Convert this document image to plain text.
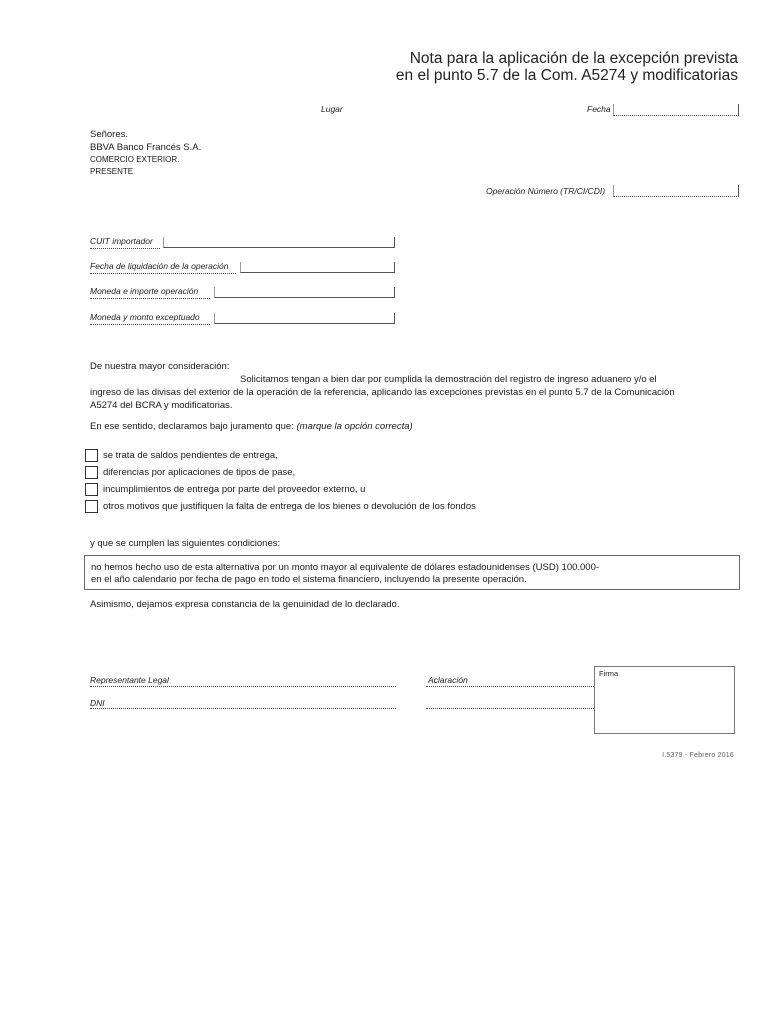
Nota para la aplicación de la excepción prevista
en el punto 5.7 de la Com. A5274 y modificatorias
Lugar	Fecha
Señores.
BBVA Banco Francés S.A.
COMERCIO EXTERIOR.
PRESENTE
Operación Número (TR/CI/CDI)
CUIT importador
Fecha de liquidación de la operación
Moneda e importe operación
Moneda y monto exceptuado
De nuestra mayor consideración:
Solicitamos tengan a bien dar por cumplida la demostración del registro de ingreso aduanero y/o el
ingreso de las divisas del exterior de la operación de la referencia, aplicando las excepciones previstas en el punto 5.7 de la Comunicación
A5274 del BCRA y modificatorias.
En ese sentido, declaramos bajo juramento que: (marque la opción correcta)
se trata de saldos pendientes de entrega,
diferencias por aplicaciones de tipos de pase,
incumplimientos de entrega por parte del proveedor externo, u
otros motivos que justifiquen la falta de entrega de los bienes o devolución de los fondos
y que se cumplen las siguientes condiciones:
no hemos hecho uso de esta alternativa por un monto mayor al equivalente de dólares estadounidenses (USD) 100.000-
en el año calendario por fecha de pago en todo el sistema financiero, incluyendo la presente operación.
Asimismo, dejamos expresa constancia de la genuinidad de lo declarado.
Representante Legal	Aclaración
DNI
Firma
I.5379 - Febrero 2016
